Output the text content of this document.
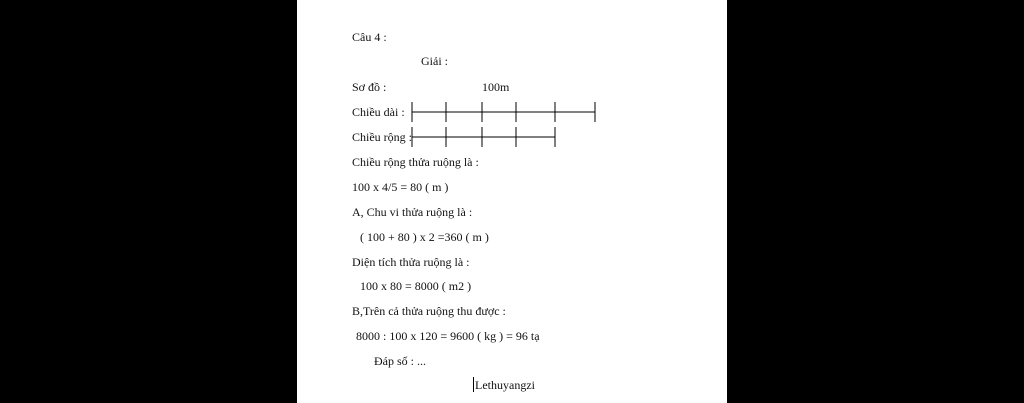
Câu 4 :
Giải :
Sơ đồ :	100m
Chiều dài :
Chiều rộng :
Chiều rộng thửa ruộng là :
100 x 4/5 = 80 ( m )
A, Chu vi thửa ruộng là :
( 100 + 80 ) x 2 =360 ( m )
Diện tích thửa ruộng là :
100 x 80 = 8000 ( m2 )
B,Trên cả thửa ruộng thu được :
8000 : 100 x 120 = 9600 ( kg ) = 96 tạ
Đáp số : ...
Lethuyangzi
